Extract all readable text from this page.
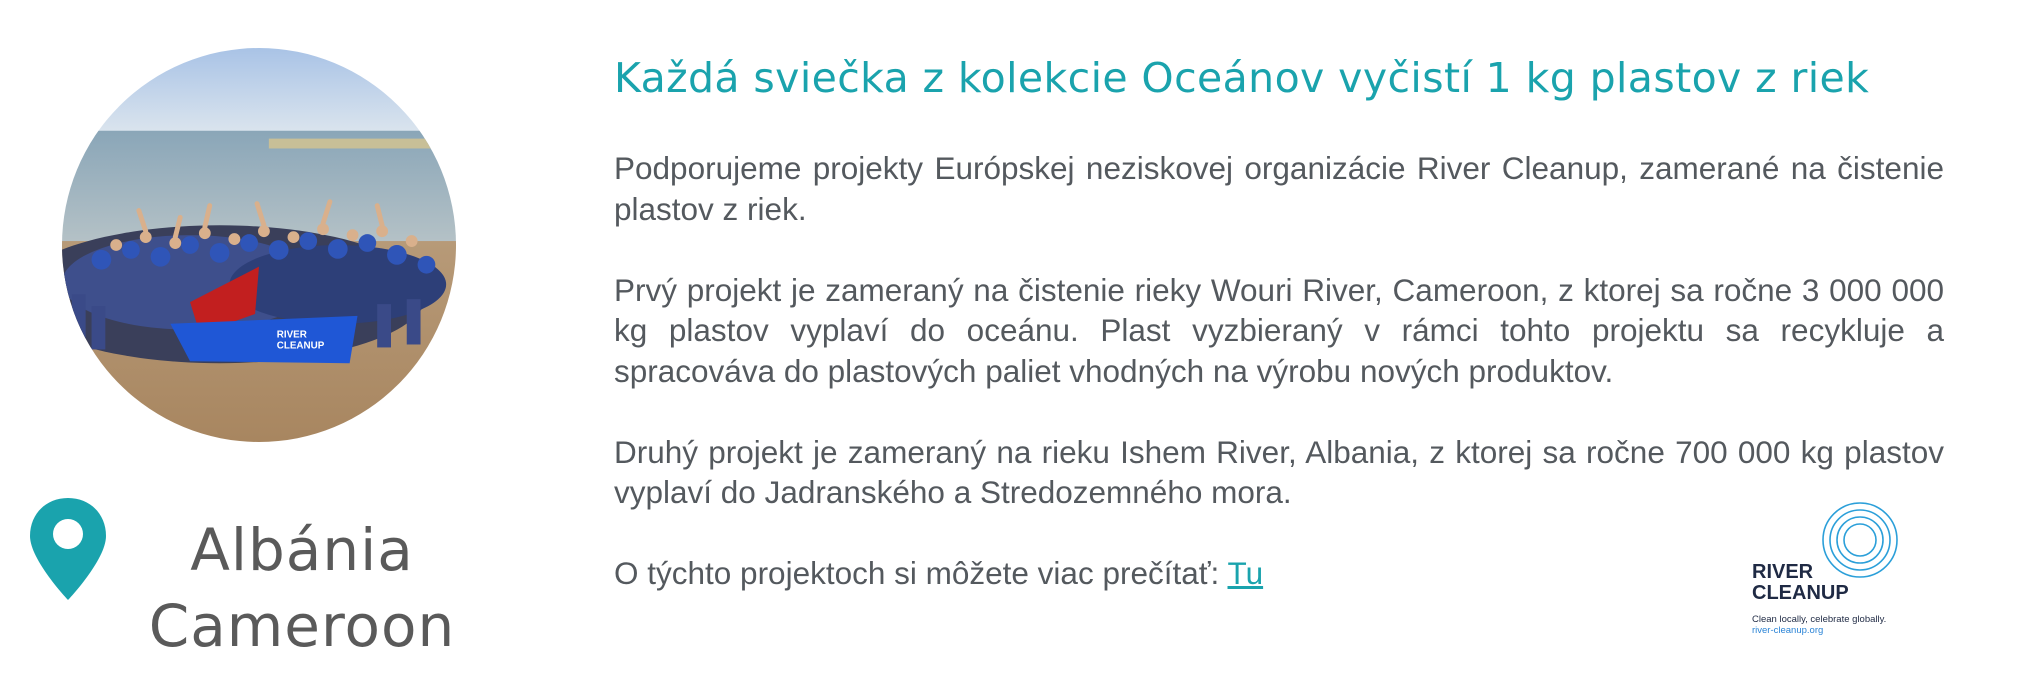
RIVER
CLEANUP
Albánia
Cameroon
Každá sviečka z kolekcie Oceánov vyčistí 1 kg plastov z riek

Podporujeme projekty Európskej neziskovej organizácie River Cleanup, zamerané na čistenie plastov z riek.

Prvý projekt je zameraný na čistenie rieky Wouri River, Cameroon, z ktorej sa ročne 3 000 000 kg plastov vyplaví do oceánu. Plast vyzbieraný v rámci tohto projektu sa recykluje a spracováva do plastových paliet vhodných na výrobu nových produktov.

Druhý projekt je zameraný na rieku Ishem River, Albania, z ktorej sa ročne 700 000 kg plastov vyplaví do Jadranského a Stredozemného mora.

O týchto projektoch si môžete viac prečítať: Tu	RIVER
CLEANUP
Clean locally, celebrate globally.
river-cleanup.org
